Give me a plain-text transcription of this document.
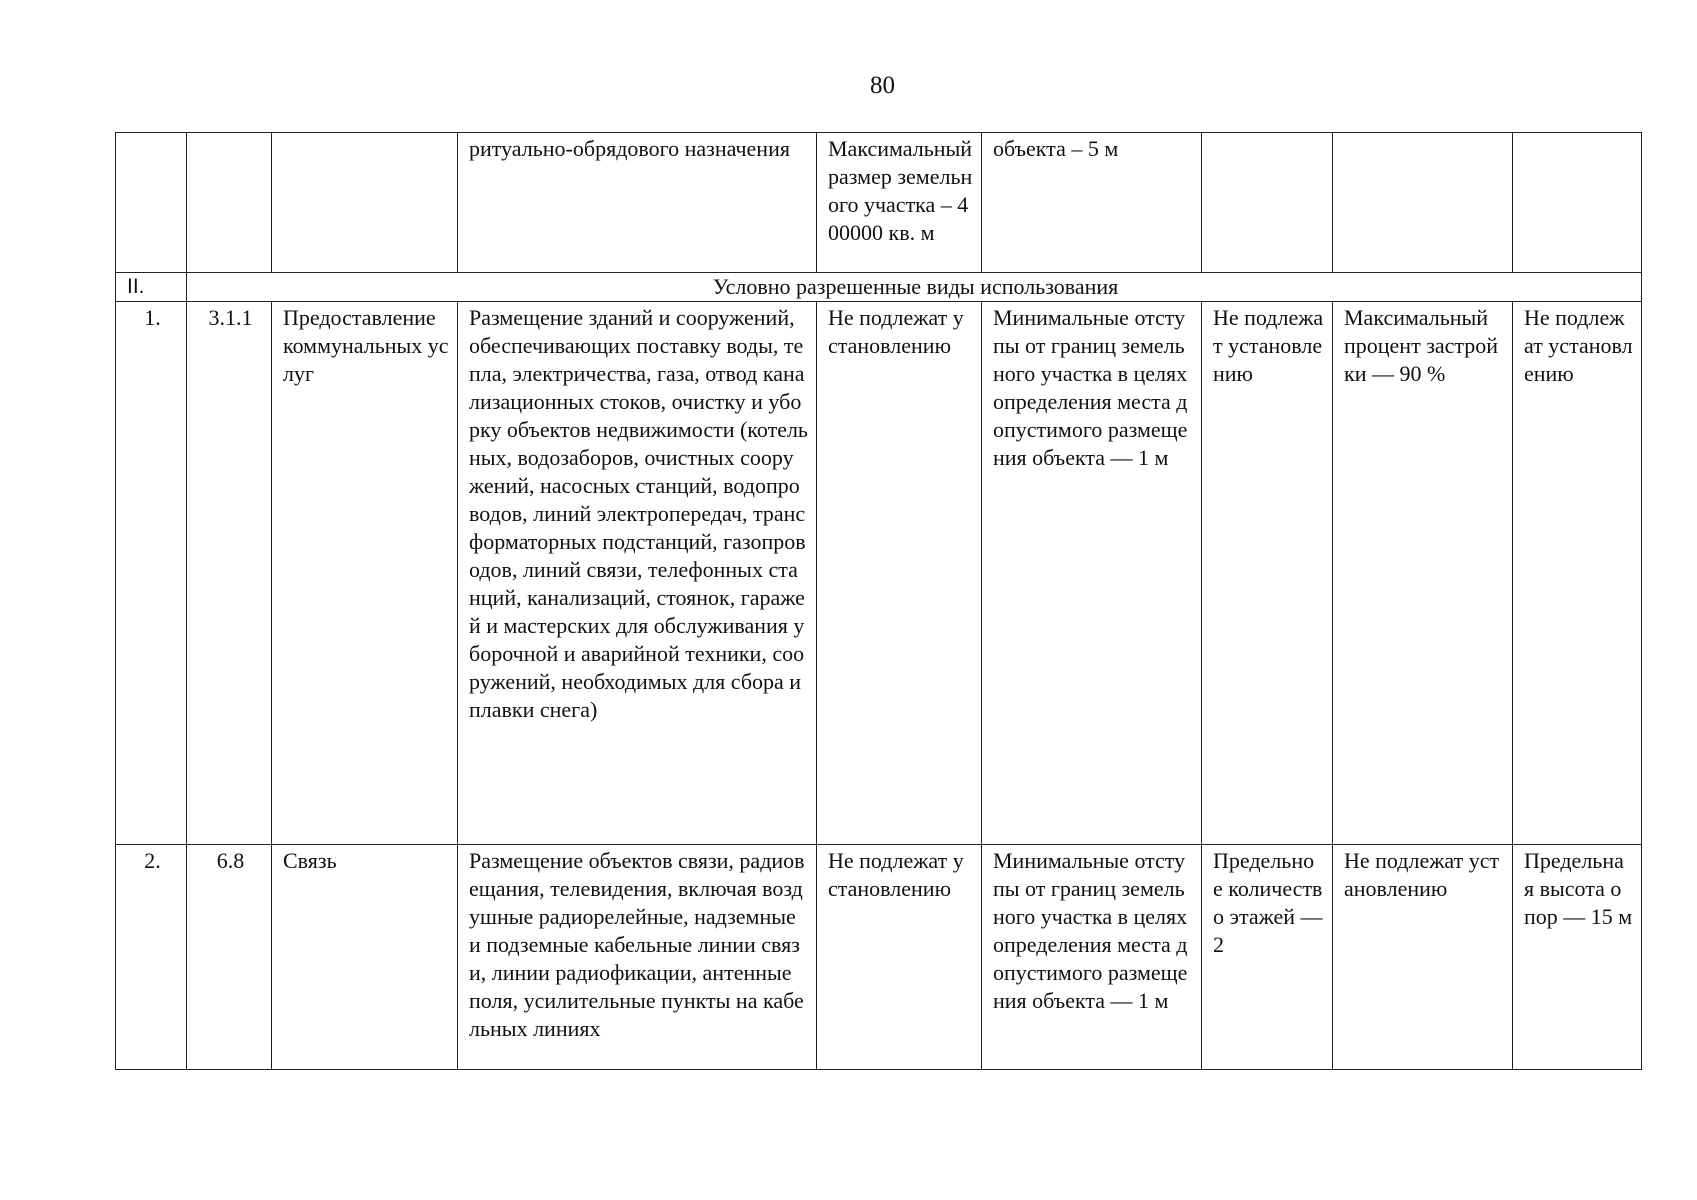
80
			ритуально-обрядового назначения	Максимальный размер земельного участка – 400000 кв. м	объекта – 5 м			
II.	Условно разрешенные виды использования							
1.	3.1.1	Предоставление коммунальных услуг	Размещение зданий и сооружений, обеспечивающих поставку воды, тепла, электричества, газа, отвод канализационных стоков, очистку и уборку объектов недвижимости (котельных, водозаборов, очистных сооружений, насосных станций, водопроводов, линий электропередач, трансформаторных подстанций, газопроводов, линий связи, телефонных станций, канализаций, стоянок, гаражей и мастерских для обслуживания уборочной и аварийной техники, сооружений, необходимых для сбора и плавки снега)	Не подлежат установлению	Минимальные отступы от границ земельного участка в целях определения места допустимого размещения объекта — 1 м	Не подлежат установлению	Максимальный процент застройки — 90 %	Не подлежат установлению
2.	6.8	Связь	Размещение объектов связи, радиовещания, телевидения, включая воздушные радиорелейные, надземные и подземные кабельные линии связи, линии радиофикации, антенные поля, усилительные пункты на кабельных линиях	Не подлежат установлению	Минимальные отступы от границ земельного участка в целях определения места допустимого размещения объекта — 1 м	Предельное количество этажей — 2	Не подлежат установлению	Предельная высота опор — 15 м
